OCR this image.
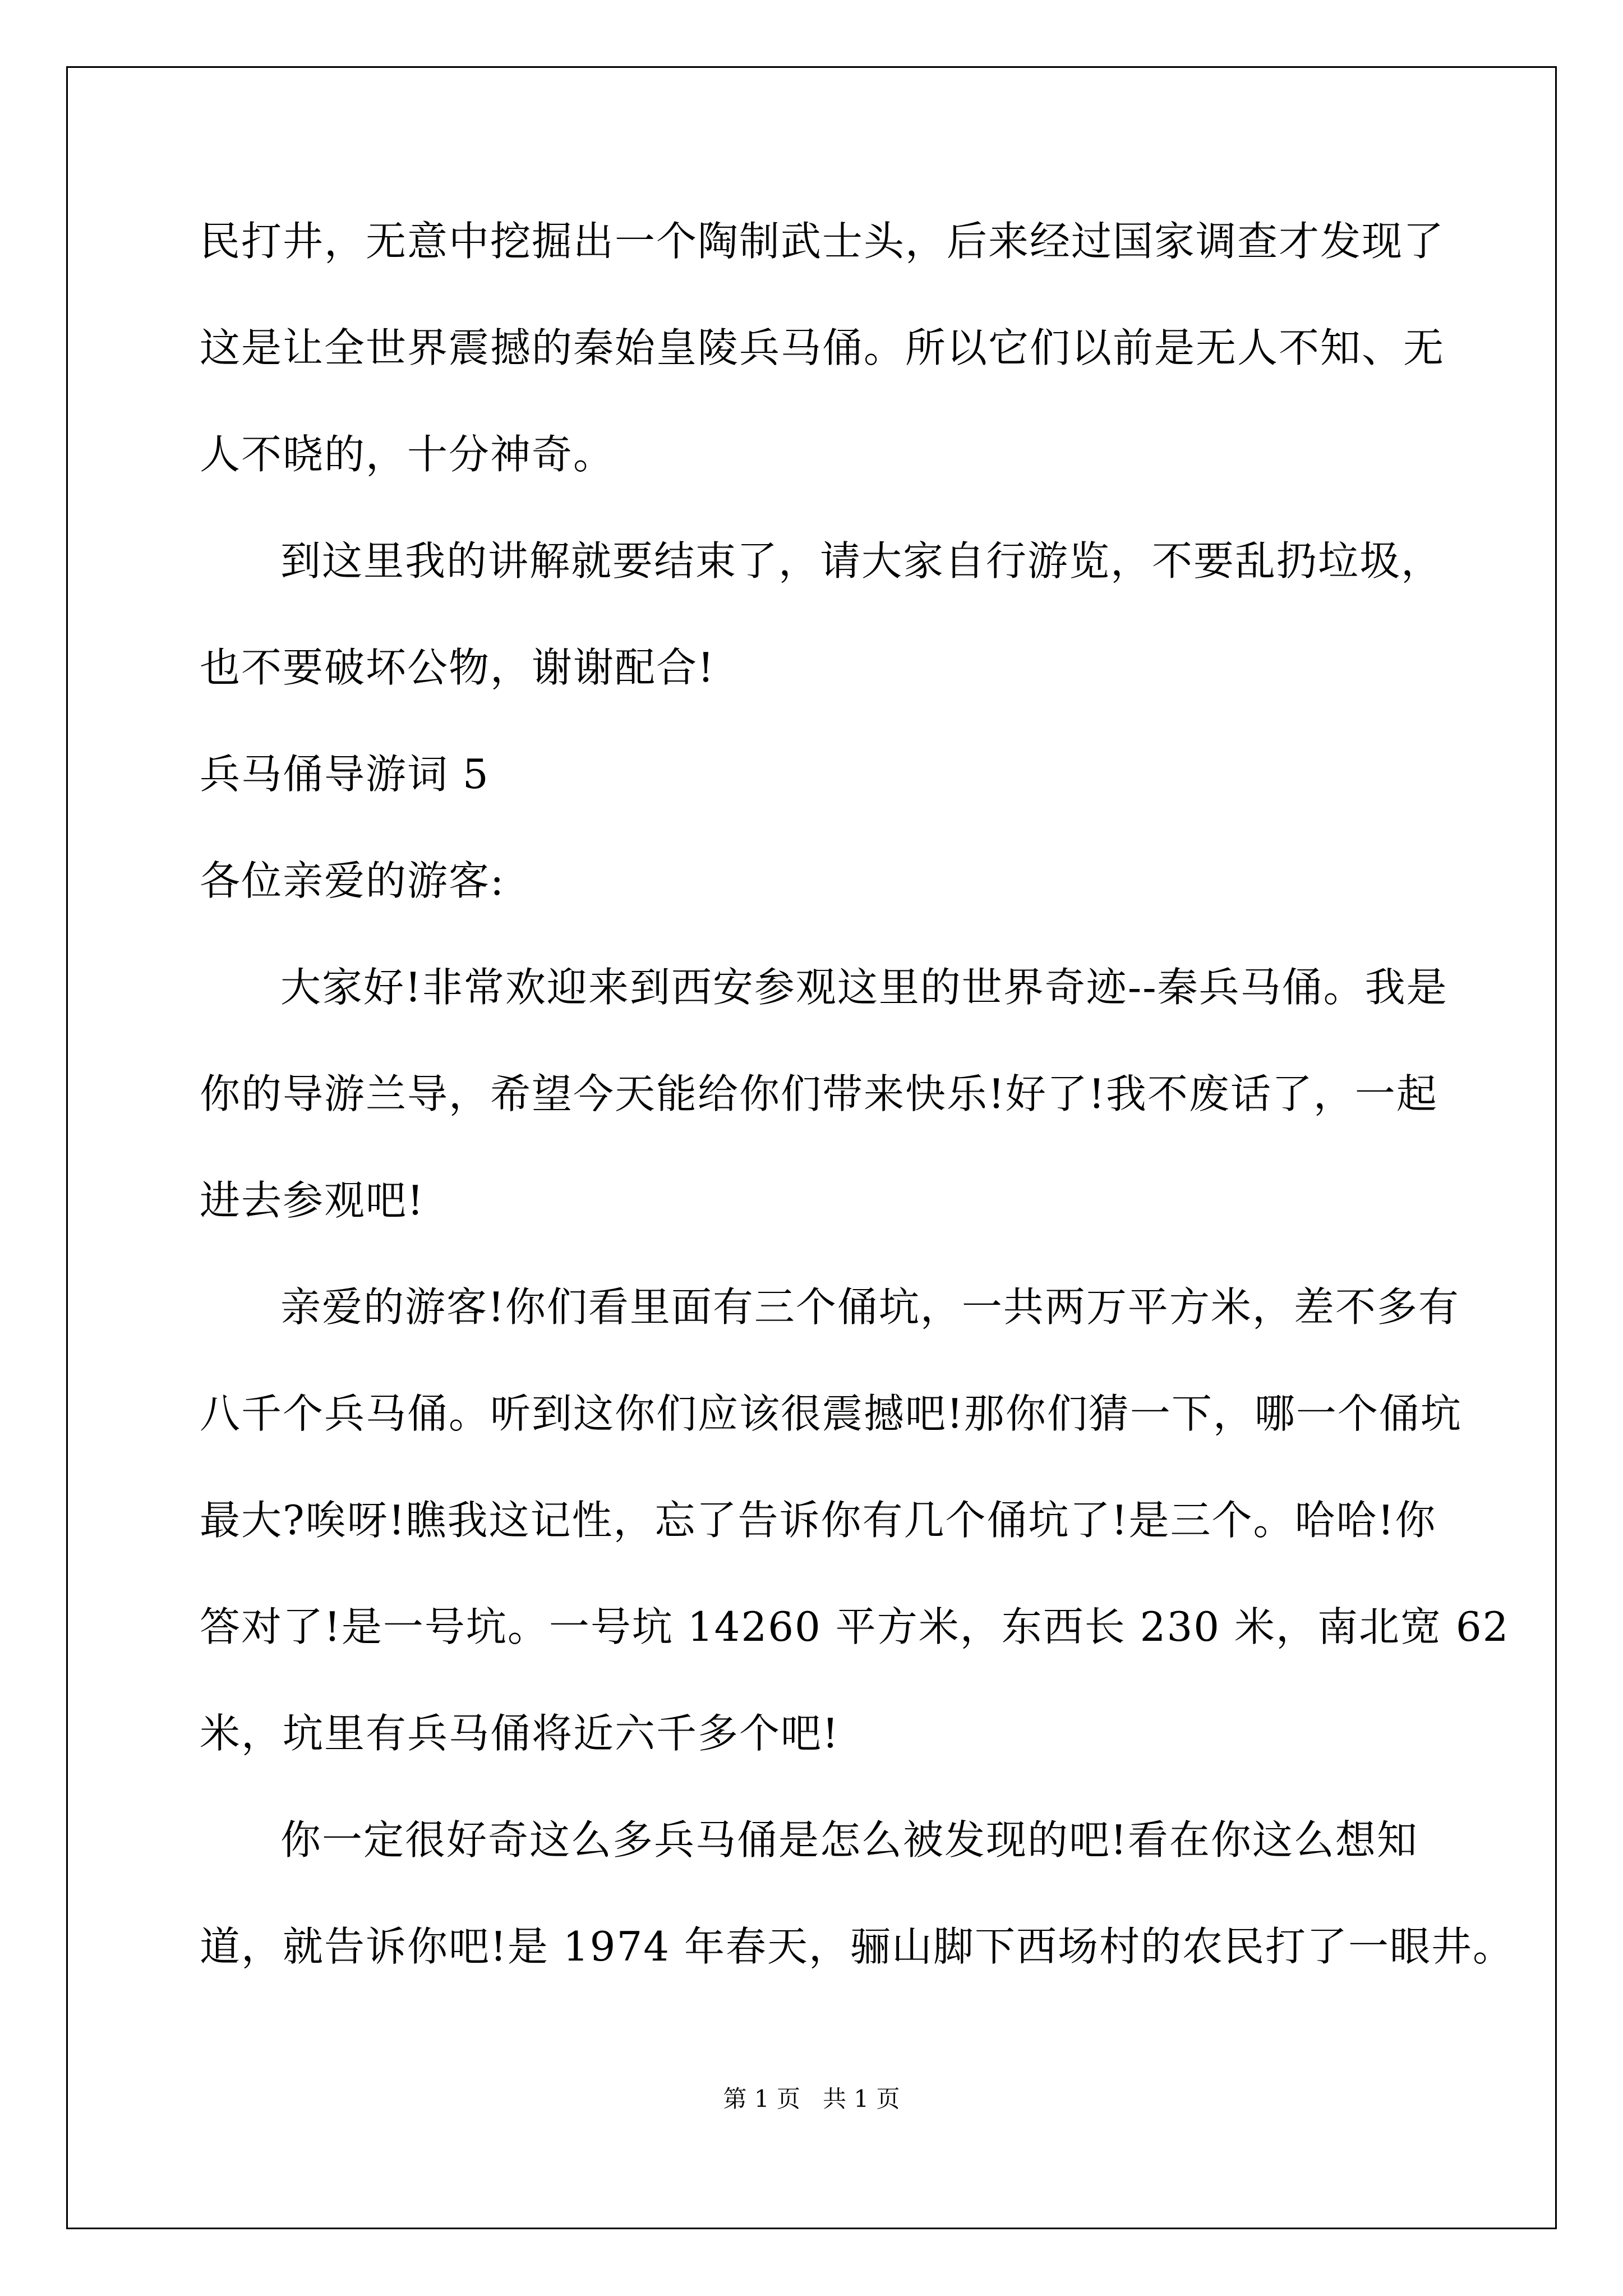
民打井，无意中挖掘出一个陶制武士头，后来经过国家调查才发现了
这是让全世界震撼的秦始皇陵兵马俑。所以它们以前是无人不知、无
人不晓的，十分神奇。
到这里我的讲解就要结束了，请大家自行游览，不要乱扔垃圾，
也不要破坏公物，谢谢配合!
兵马俑导游词 5
各位亲爱的游客:
大家好!非常欢迎来到西安参观这里的世界奇迹--秦兵马俑。我是
你的导游兰导，希望今天能给你们带来快乐!好了!我不废话了，一起
进去参观吧!
亲爱的游客!你们看里面有三个俑坑，一共两万平方米，差不多有
八千个兵马俑。听到这你们应该很震撼吧!那你们猜一下，哪一个俑坑
最大?唉呀!瞧我这记性，忘了告诉你有几个俑坑了!是三个。哈哈!你
答对了!是一号坑。一号坑 14260 平方米，东西长 230 米，南北宽 62
米，坑里有兵马俑将近六千多个吧!
你一定很好奇这么多兵马俑是怎么被发现的吧!看在你这么想知
道，就告诉你吧!是 1974 年春天，骊山脚下西场村的农民打了一眼井。
第 1 页   共 1 页
